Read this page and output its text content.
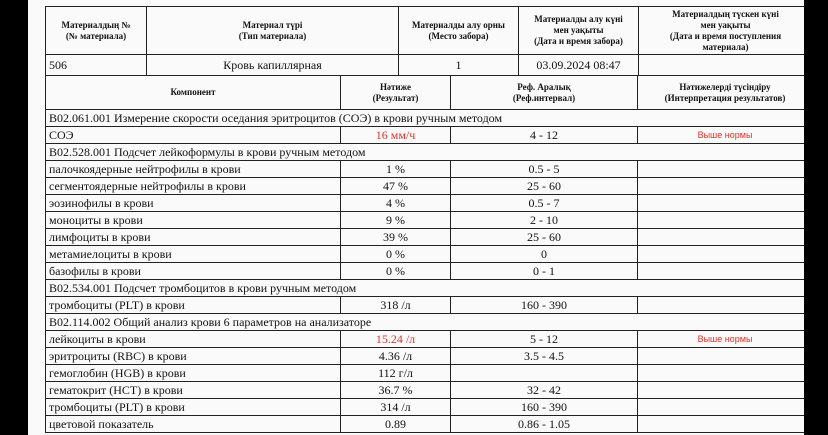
Материалдың №
(№ материала)	Материал түрі
(Тип материала)	Материалды алу орны
(Место забора)	Материалды алу күні
мен уақыты
(Дата и время забора)	Материалдың түскен күні
мен уақыты
(Дата и время поступления
материала)
506	Кровь капиллярная	1	03.09.2024 08:47	
Компонент	Нәтиже
(Результат)	Реф. Аралық
(Реф.интервал)	Нәтижелерді түсіндіру
(Интерпретация результатов)
B02.061.001 Измерение скорости оседания эритроцитов (СОЭ) в крови ручным методом			
СОЭ	16 мм/ч	4 - 12	Выше нормы
B02.528.001 Подсчет лейкоформулы в крови ручным методом			
палочкоядерные нейтрофилы в крови	1 %	0.5 - 5	
сегментоядерные нейтрофилы в крови	47 %	25 - 60	
эозинофилы в крови	4 %	0.5 - 7	
моноциты в крови	9 %	2 - 10	
лимфоциты в крови	39 %	25 - 60	
метамиелоциты в крови	0 %	0	
базофилы в крови	0 %	0 - 1	
B02.534.001 Подсчет тромбоцитов в крови ручным методом			
тромбоциты (PLT) в крови	318 /л	160 - 390	
B02.114.002 Общий анализ крови 6 параметров на анализаторе			
лейкоциты в крови	15.24 /л	5 - 12	Выше нормы
эритроциты (RBC) в крови	4.36 /л	3.5 - 4.5	
гемоглобин (HGB) в крови	112 г/л		
гематокрит (HCT) в крови	36.7 %	32 - 42	
тромбоциты (PLT) в крови	314 /л	160 - 390	
цветовой показатель	0.89	0.86 - 1.05	
